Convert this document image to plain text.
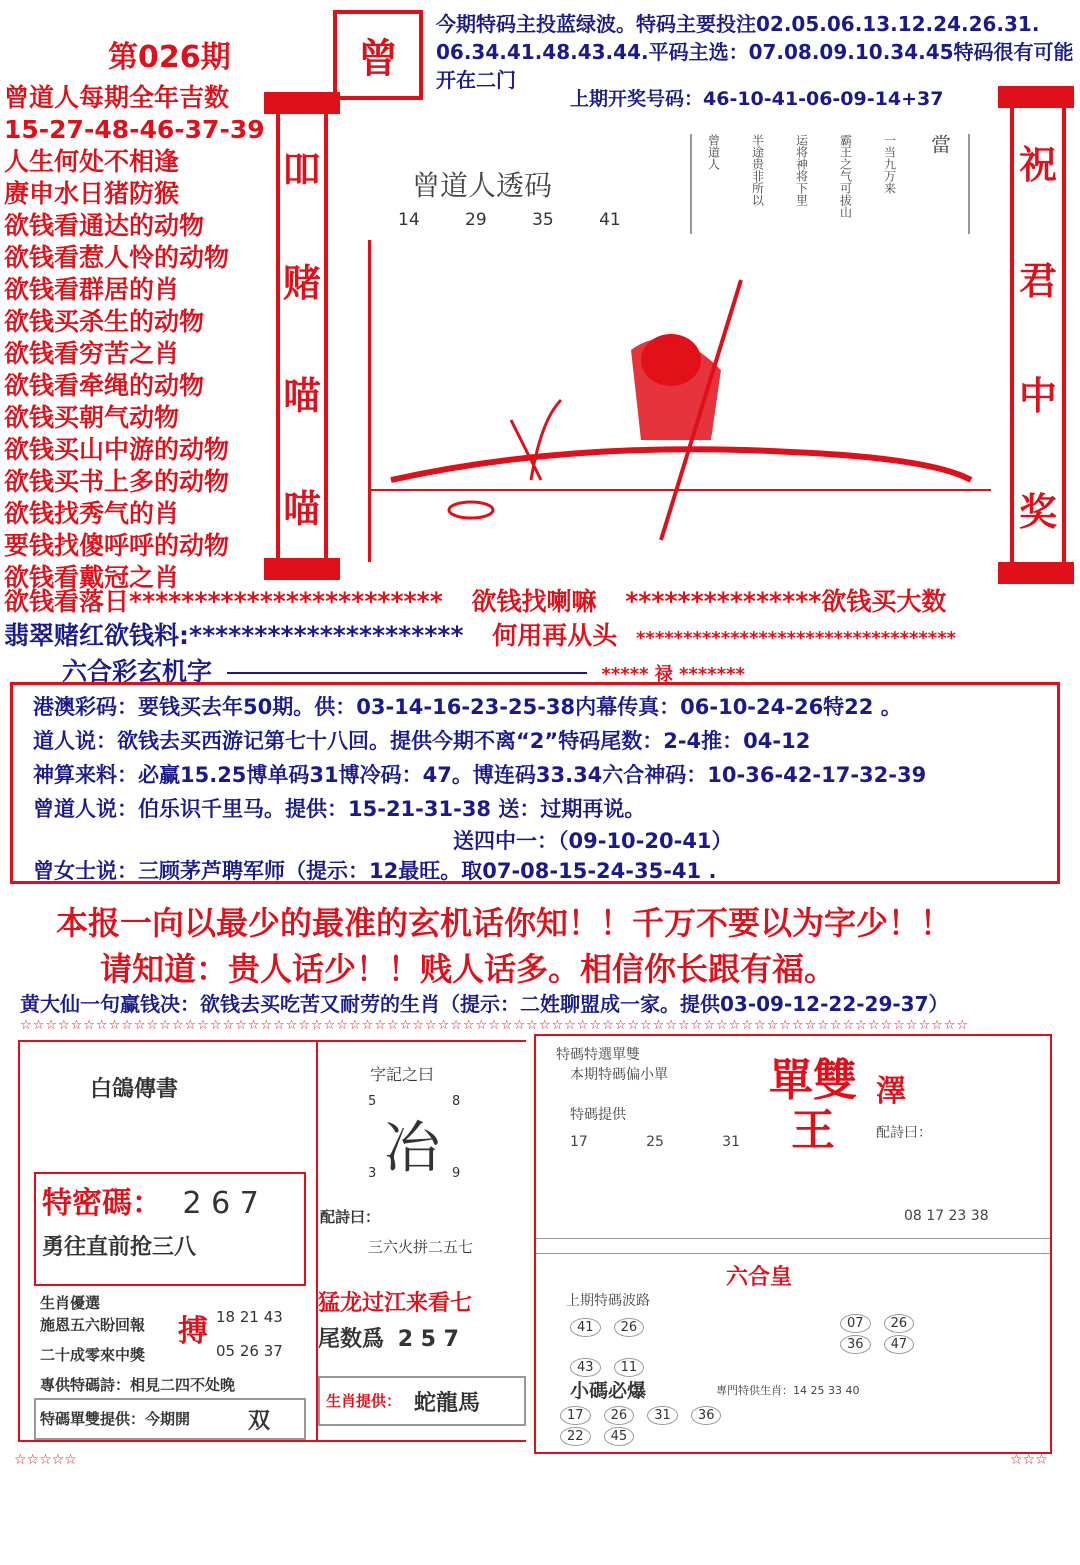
第026期	曾
今期特码主投蓝绿波。特码主要投注02.05.06.13.12.24.26.31.
06.34.41.48.43.44.平码主选：07.08.09.10.34.45特码很有可能
开在二门
上期开奖号码：46-10-41-06-09-14+37
曾道人每期全年吉数
15-27-48-46-37-39
人生何处不相逢
赓申水日猪防猴
欲钱看通达的动物
欲钱看惹人怜的动物
欲钱看群居的肖
欲钱买杀生的动物
欲钱看穷苦之肖
欲钱看牵绳的动物
欲钱买朝气动物
欲钱买山中游的动物
欲钱买书上多的动物
欲钱找秀气的肖
要钱找傻呼呼的动物
欲钱看戴冠之肖
吅
赌
喵
喵
祝
君
中
奖
曾道人透码
14 29 35 41
當
一当九万来
霸王之气可拔山
运将神将下里
半途贵非所以
曾道人
欲钱看落日************************ 欲钱找喇嘛 ***************欲钱买大数
翡翠赌红欲钱料:********************* 何用再从头 **********************************
六合彩玄机字	***** 禄 *******
港澳彩码：要钱买去年50期。供：03-14-16-23-25-38内幕传真：06-10-24-26特22 。
道人说：欲钱去买西游记第七十八回。提供今期不离“2”特码尾数：2-4推：04-12
神算来料：必赢15.25博单码31博冷码：47。博连码33.34六合神码：10-36-42-17-32-39
曾道人说：伯乐识千里马。提供：15-21-31-38 送：过期再说。
送四中一：（09-10-20-41）
曾女士说：三顾茅芦聘军师（提示：12最旺。取07-08-15-24-35-41 .
本报一向以最少的最准的玄机话你知！！千万不要以为字少！！
请知道：贵人话少！！贱人话多。相信你长跟有福。
黄大仙一句赢钱决：欲钱去买吃苦又耐劳的生肖（提示：二姓聊盟成一家。提供03-09-12-22-29-37）
☆☆☆☆☆☆☆☆☆☆☆☆☆☆☆☆☆☆☆☆☆☆☆☆☆☆☆☆☆☆☆☆☆☆☆☆☆☆☆☆☆☆☆☆☆☆☆☆☆☆☆☆☆☆☆☆☆☆☆☆☆☆☆☆☆☆☆☆☆☆☆☆☆☆☆
白鴿傳書
特密碼： 2 6 7
勇往直前抢三八
生肖優選
施恩五六盼回報
二十成零來中獎
搏 18 21 43
05 26 37
專供特碼詩：相見二四不处晚
特碼單雙提供：今期開	双
字記之曰
5	8
冶
3	9
配詩曰：
三六火拼二五七
猛龙过江来看七
尾数爲 2 5 7
生肖提供： 蛇龍馬
特碼特選單雙
本期特碼偏小單
特碼提供
17	25	31
單雙王
澤
配詩曰：
08 17 23 38
六合皇
上期特碼波路
41 26

43 11
07 26 36 47
小碼必爆	專門特供生肖：14 25 33 40
17 26 31 36 22 45
☆☆☆☆☆	☆☆☆
